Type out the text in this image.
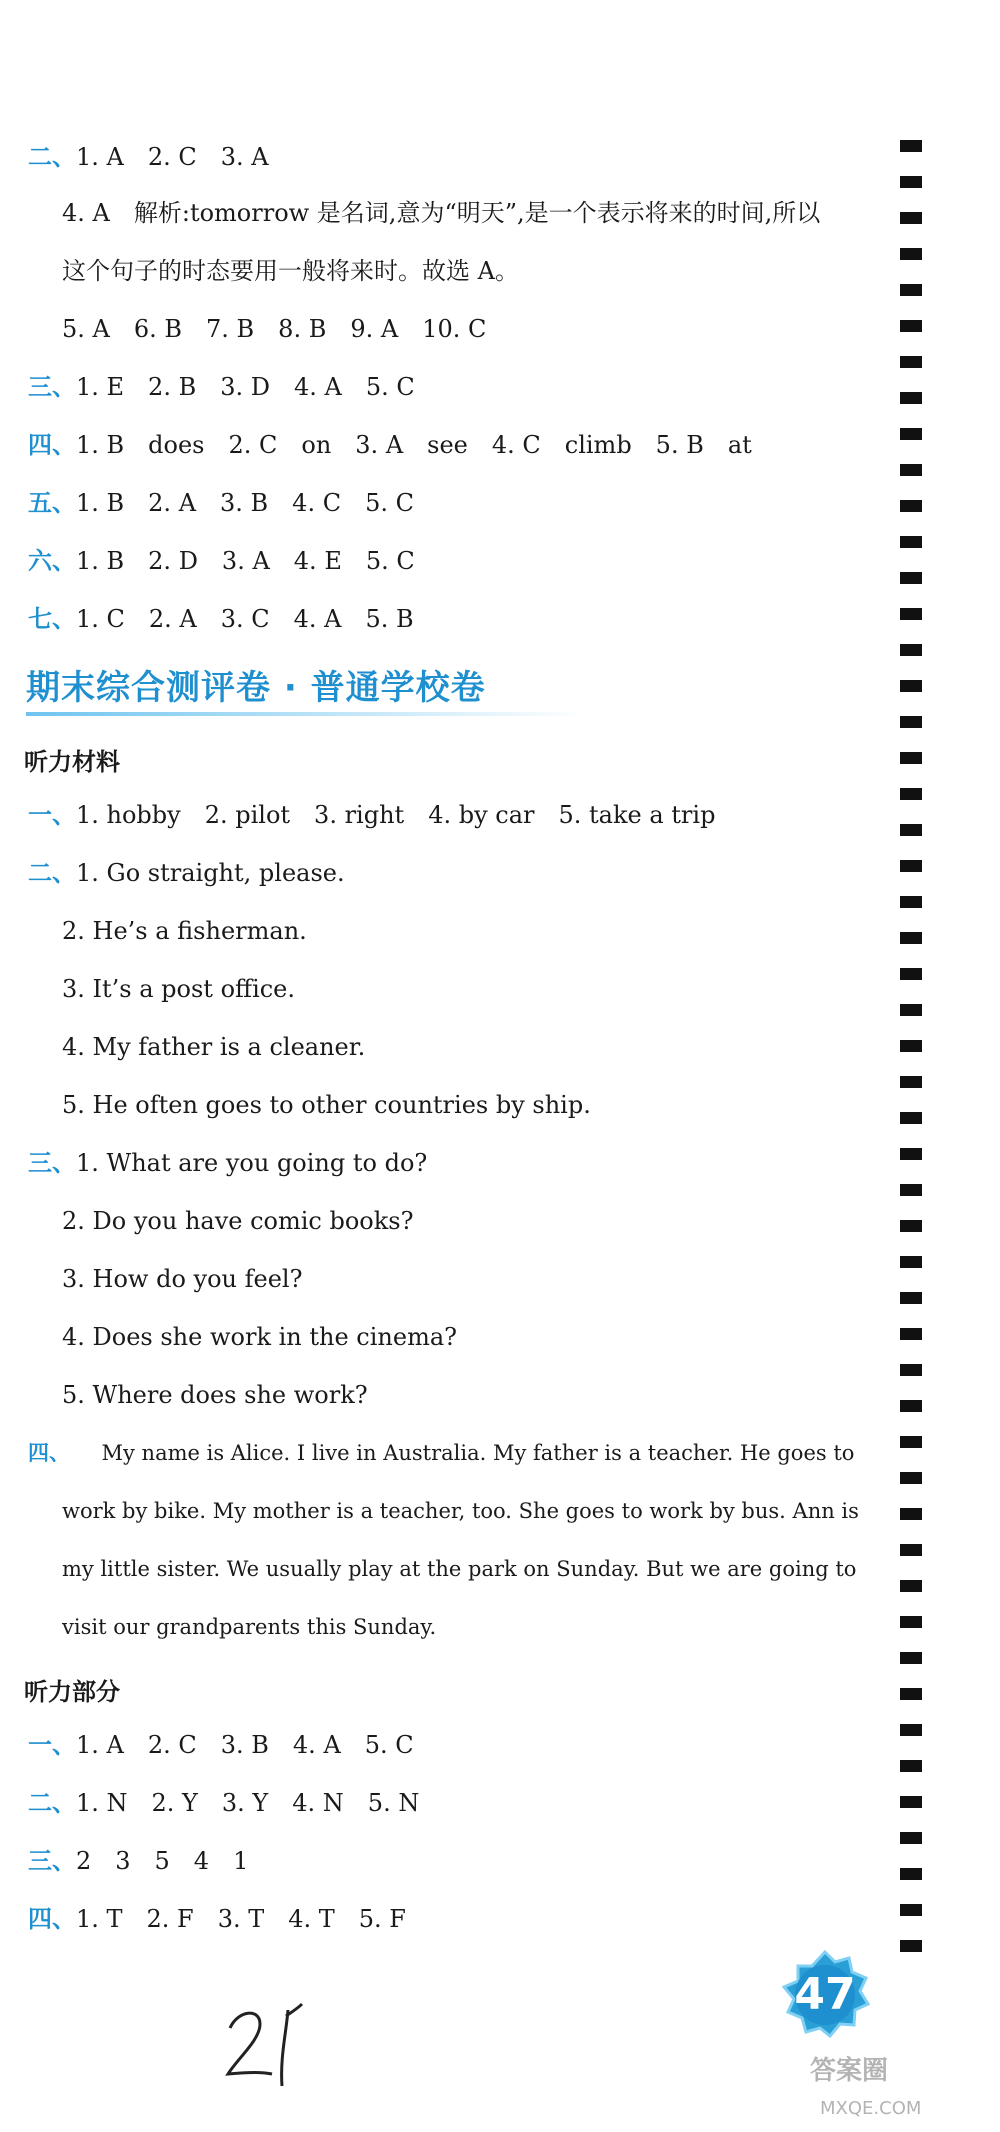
二、1. A　2. C　3. A
4. A　解析:tomorrow 是名词,意为“明天”,是一个表示将来的时间,所以
这个句子的时态要用一般将来时。故选 A。
5. A　6. B　7. B　8. B　9. A　10. C
三、1. E　2. B　3. D　4. A　5. C
四、1. B　does　2. C　on　3. A　see　4. C　climb　5. B　at
五、1. B　2. A　3. B　4. C　5. C
六、1. B　2. D　3. A　4. E　5. C
七、1. C　2. A　3. C　4. A　5. B
期末综合测评卷 · 普通学校卷
听力材料
一、1. hobby　2. pilot　3. right　4. by car　5. take a trip
二、1. Go straight, please.
2. He’s a fisherman.
3. It’s a post office.
4. My father is a cleaner.
5. He often goes to other countries by ship.
三、1. What are you going to do?
2. Do you have comic books?
3. How do you feel?
4. Does she work in the cinema?
5. Where does she work?
四、　　My name is Alice. I live in Australia. My father is a teacher. He goes to
work by bike. My mother is a teacher, too. She goes to work by bus. Ann is
my little sister. We usually play at the park on Sunday. But we are going to
visit our grandparents this Sunday.
听力部分
一、1. A　2. C　3. B　4. A　5. C
二、1. N　2. Y　3. Y　4. N　5. N
三、2　3　5　4　1
四、1. T　2. F　3. T　4. T　5. F
47
答案圈
MXQE.COM
